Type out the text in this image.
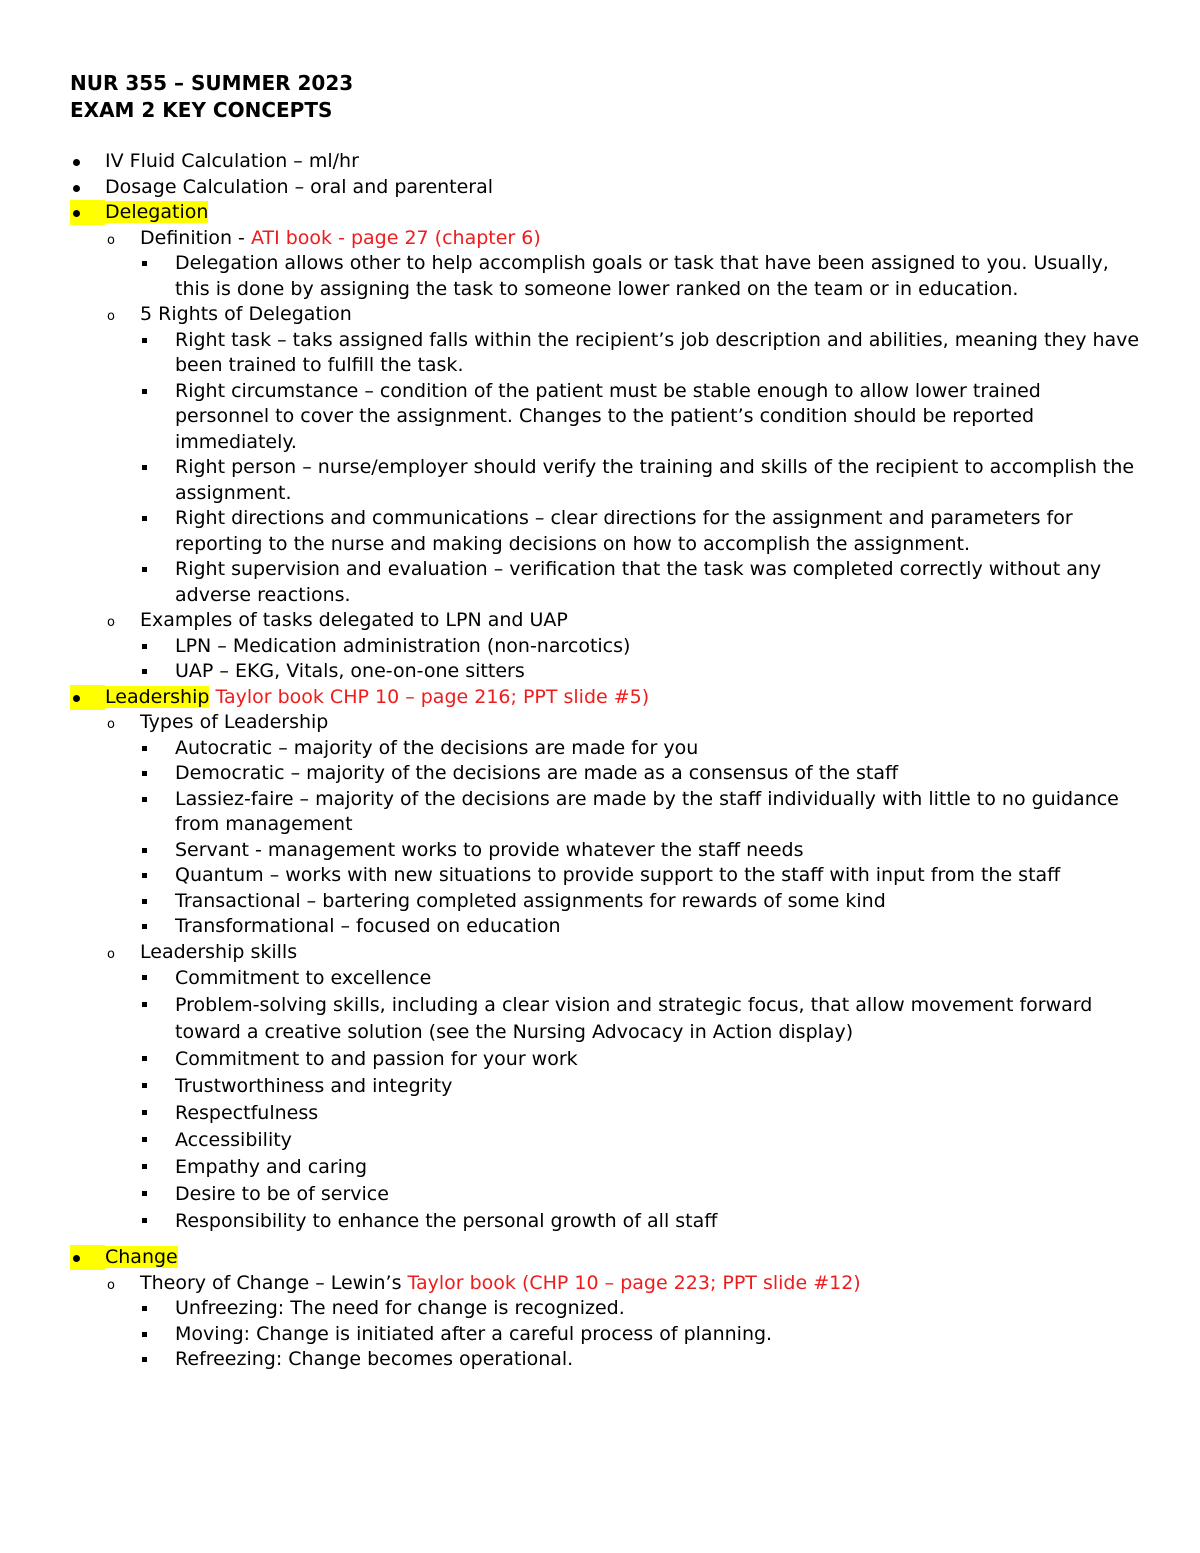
NUR 355 – SUMMER 2023

EXAM 2 KEY CONCEPTS

IV Fluid Calculation – ml/hr
Dosage Calculation – oral and parenteral
Delegation
Definition - ATI book - page 27 (chapter 6)
Delegation allows other to help accomplish goals or task that have been assigned to you. Usually, this is done by assigning the task to someone lower ranked on the team or in education.
5 Rights of Delegation
Right task – taks assigned falls within the recipient’s job description and abilities, meaning they have been trained to fulfill the task.
Right circumstance – condition of the patient must be stable enough to allow lower trained personnel to cover the assignment. Changes to the patient’s condition should be reported immediately.
Right person – nurse/employer should verify the training and skills of the recipient to accomplish the assignment.
Right directions and communications – clear directions for the assignment and parameters for reporting to the nurse and making decisions on how to accomplish the assignment.
Right supervision and evaluation – verification that the task was completed correctly without any adverse reactions.
Examples of tasks delegated to LPN and UAP
LPN – Medication administration (non-narcotics)
UAP – EKG, Vitals, one-on-one sitters
Leadership Taylor book CHP 10 – page 216; PPT slide #5)
Types of Leadership
Autocratic – majority of the decisions are made for you
Democratic – majority of the decisions are made as a consensus of the staff
Lassiez-faire – majority of the decisions are made by the staff individually with little to no guidance from management
Servant - management works to provide whatever the staff needs
Quantum – works with new situations to provide support to the staff with input from the staff
Transactional – bartering completed assignments for rewards of some kind
Transformational – focused on education
Leadership skills
Commitment to excellence
Problem-solving skills, including a clear vision and strategic focus, that allow movement forward toward a creative solution (see the Nursing Advocacy in Action display)
Commitment to and passion for your work
Trustworthiness and integrity
Respectfulness
Accessibility
Empathy and caring
Desire to be of service
Responsibility to enhance the personal growth of all staff
Change
Theory of Change – Lewin’s Taylor book (CHP 10 – page 223; PPT slide #12)
Unfreezing: The need for change is recognized.
Moving: Change is initiated after a careful process of planning.
Refreezing: Change becomes operational.
